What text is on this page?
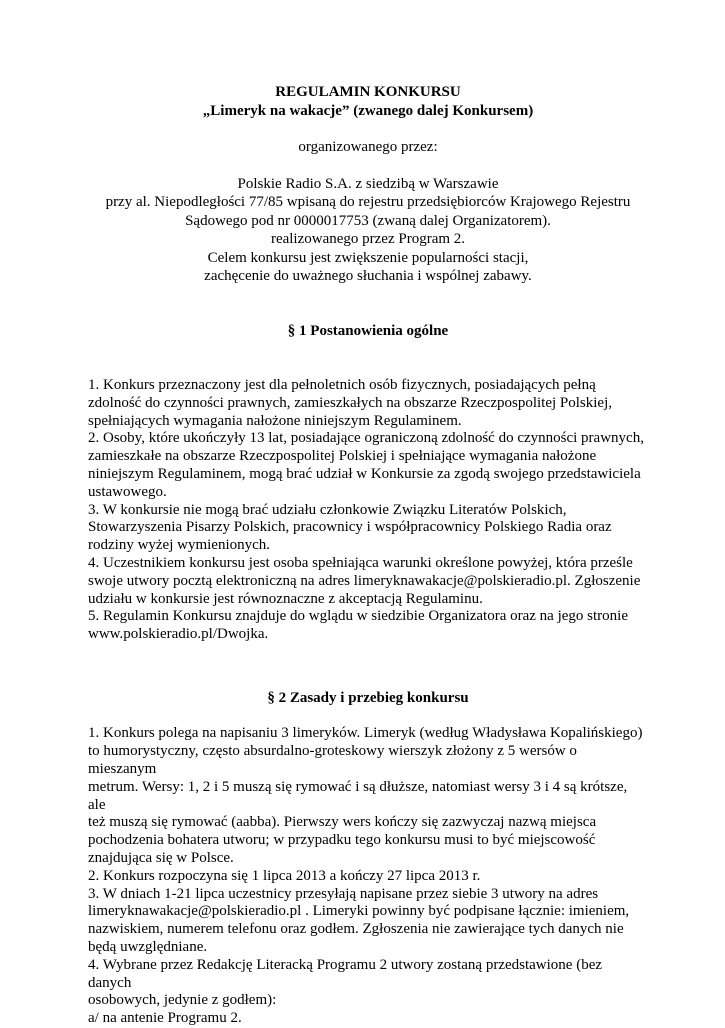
REGULAMIN KONKURSU
„Limeryk na wakacje” (zwanego dalej Konkursem)
organizowanego przez:
Polskie Radio S.A. z siedzibą w Warszawie
przy al. Niepodległości 77/85 wpisaną do rejestru przedsiębiorców Krajowego Rejestru
Sądowego pod nr 0000017753 (zwaną dalej Organizatorem).
realizowanego przez Program 2.
Celem konkursu jest zwiększenie popularności stacji,
zachęcenie do uważnego słuchania i wspólnej zabawy.
§ 1 Postanowienia ogólne
1. Konkurs przeznaczony jest dla pełnoletnich osób fizycznych, posiadających pełną
zdolność do czynności prawnych, zamieszkałych na obszarze Rzeczpospolitej Polskiej,
spełniających wymagania nałożone niniejszym Regulaminem.
2. Osoby, które ukończyły 13 lat, posiadające ograniczoną zdolność do czynności prawnych,
zamieszkałe na obszarze Rzeczpospolitej Polskiej i spełniające wymagania nałożone
niniejszym Regulaminem, mogą brać udział w Konkursie za zgodą swojego przedstawiciela
ustawowego.
3. W konkursie nie mogą brać udziału członkowie Związku Literatów Polskich,
Stowarzyszenia Pisarzy Polskich, pracownicy i współpracownicy Polskiego Radia oraz
rodziny wyżej wymienionych.
4. Uczestnikiem konkursu jest osoba spełniająca warunki określone powyżej, która prześle
swoje utwory pocztą elektroniczną na adres limeryknawakacje@polskieradio.pl. Zgłoszenie
udziału w konkursie jest równoznaczne z akceptacją Regulaminu.
5. Regulamin Konkursu znajduje do wglądu w siedzibie Organizatora oraz na jego stronie
www.polskieradio.pl/Dwojka.
§ 2 Zasady i przebieg konkursu
1. Konkurs polega na napisaniu 3 limeryków. Limeryk (według Władysława Kopalińskiego)
to humorystyczny, często absurdalno-groteskowy wierszyk złożony z 5 wersów o mieszanym
metrum. Wersy: 1, 2 i 5 muszą się rymować i są dłuższe, natomiast wersy 3 i 4 są krótsze, ale
też muszą się rymować (aabba). Pierwszy wers kończy się zazwyczaj nazwą miejsca
pochodzenia bohatera utworu; w przypadku tego konkursu musi to być miejscowość
znajdująca się w Polsce.
2. Konkurs rozpoczyna się 1 lipca 2013 a kończy 27 lipca 2013 r.
3. W dniach 1-21 lipca uczestnicy przesyłają napisane przez siebie 3 utwory na adres
limeryknawakacje@polskieradio.pl . Limeryki powinny być podpisane łącznie: imieniem,
nazwiskiem, numerem telefonu oraz godłem. Zgłoszenia nie zawierające tych danych nie
będą uwzględniane.
4. Wybrane przez Redakcję Literacką Programu 2 utwory zostaną przedstawione (bez danych
osobowych, jedynie z godłem):
a/ na antenie Programu 2.
